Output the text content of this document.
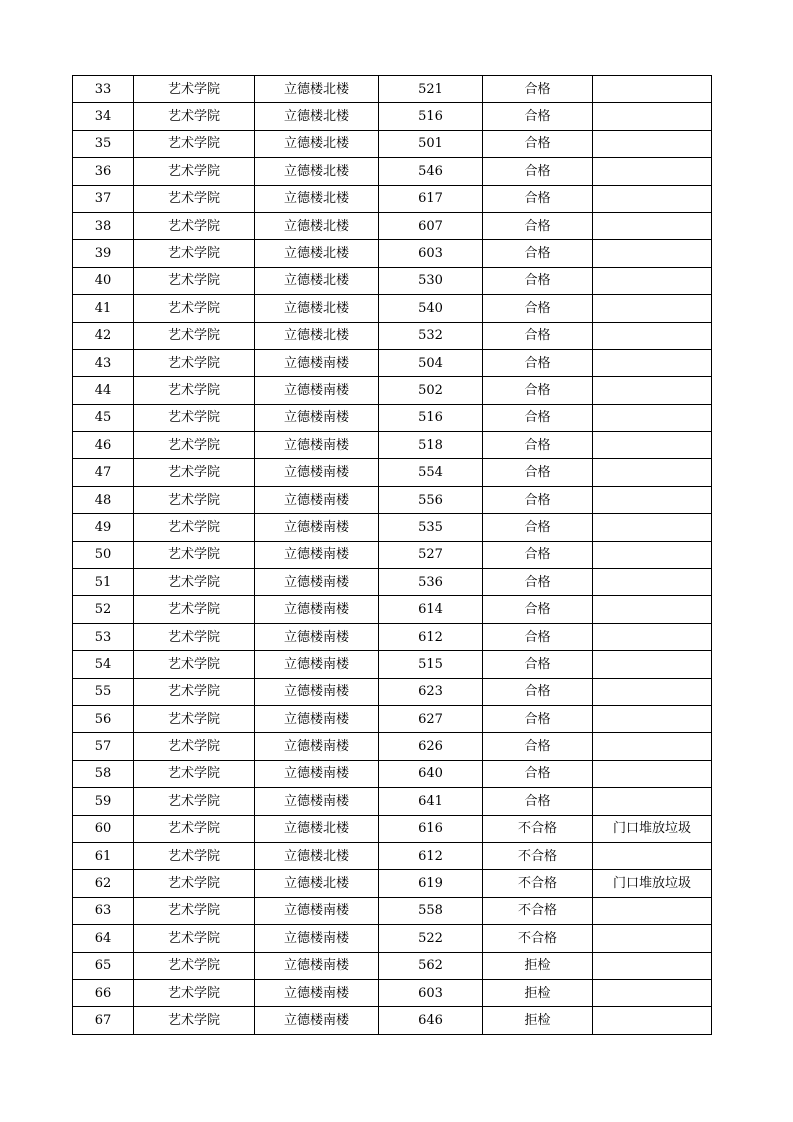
33	艺术学院	立德楼北楼	521	合格	
34	艺术学院	立德楼北楼	516	合格	
35	艺术学院	立德楼北楼	501	合格	
36	艺术学院	立德楼北楼	546	合格	
37	艺术学院	立德楼北楼	617	合格	
38	艺术学院	立德楼北楼	607	合格	
39	艺术学院	立德楼北楼	603	合格	
40	艺术学院	立德楼北楼	530	合格	
41	艺术学院	立德楼北楼	540	合格	
42	艺术学院	立德楼北楼	532	合格	
43	艺术学院	立德楼南楼	504	合格	
44	艺术学院	立德楼南楼	502	合格	
45	艺术学院	立德楼南楼	516	合格	
46	艺术学院	立德楼南楼	518	合格	
47	艺术学院	立德楼南楼	554	合格	
48	艺术学院	立德楼南楼	556	合格	
49	艺术学院	立德楼南楼	535	合格	
50	艺术学院	立德楼南楼	527	合格	
51	艺术学院	立德楼南楼	536	合格	
52	艺术学院	立德楼南楼	614	合格	
53	艺术学院	立德楼南楼	612	合格	
54	艺术学院	立德楼南楼	515	合格	
55	艺术学院	立德楼南楼	623	合格	
56	艺术学院	立德楼南楼	627	合格	
57	艺术学院	立德楼南楼	626	合格	
58	艺术学院	立德楼南楼	640	合格	
59	艺术学院	立德楼南楼	641	合格	
60	艺术学院	立德楼北楼	616	不合格	门口堆放垃圾
61	艺术学院	立德楼北楼	612	不合格	
62	艺术学院	立德楼北楼	619	不合格	门口堆放垃圾
63	艺术学院	立德楼南楼	558	不合格	
64	艺术学院	立德楼南楼	522	不合格	
65	艺术学院	立德楼南楼	562	拒检	
66	艺术学院	立德楼南楼	603	拒检	
67	艺术学院	立德楼南楼	646	拒检	
